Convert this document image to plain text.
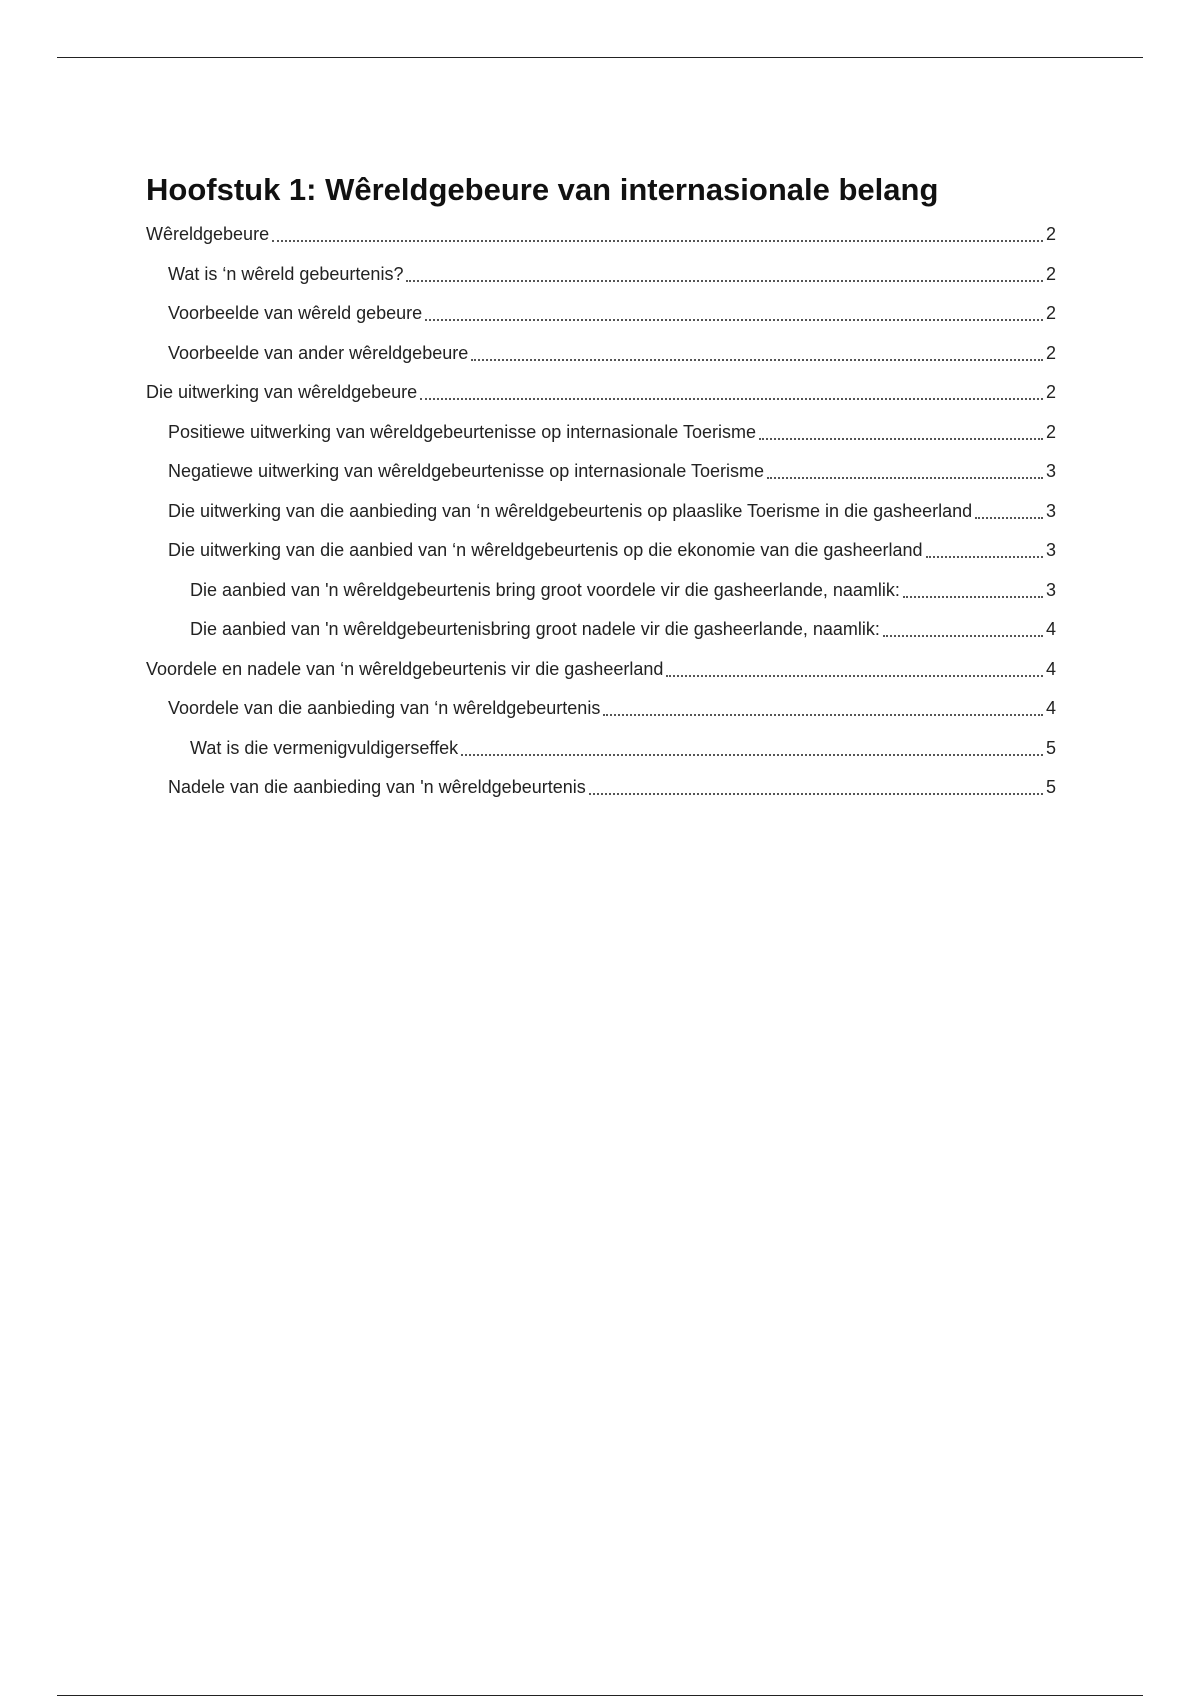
Hoofstuk 1: Wêreldgebeure van internasionale belang
Wêreldgebeure	2
Wat is ‘n wêreld gebeurtenis?	2
Voorbeelde van wêreld gebeure	2
Voorbeelde van ander wêreldgebeure	2
Die uitwerking van wêreldgebeure	2
Positiewe uitwerking van wêreldgebeurtenisse op internasionale Toerisme	2
Negatiewe uitwerking van wêreldgebeurtenisse op internasionale Toerisme	3
Die uitwerking van die aanbieding van ‘n wêreldgebeurtenis op plaaslike Toerisme in die gasheerland	3
Die uitwerking van die aanbied van ‘n wêreldgebeurtenis op die ekonomie van die gasheerland	3
Die aanbied van 'n wêreldgebeurtenis bring groot voordele vir die gasheerlande, naamlik:	3
Die aanbied van 'n wêreldgebeurtenisbring groot nadele vir die gasheerlande, naamlik:	4
Voordele en nadele van ‘n wêreldgebeurtenis vir die gasheerland	4
Voordele van die aanbieding van ‘n wêreldgebeurtenis	4
Wat is die vermenigvuldigerseffek	5
Nadele van die aanbieding van 'n wêreldgebeurtenis	5
